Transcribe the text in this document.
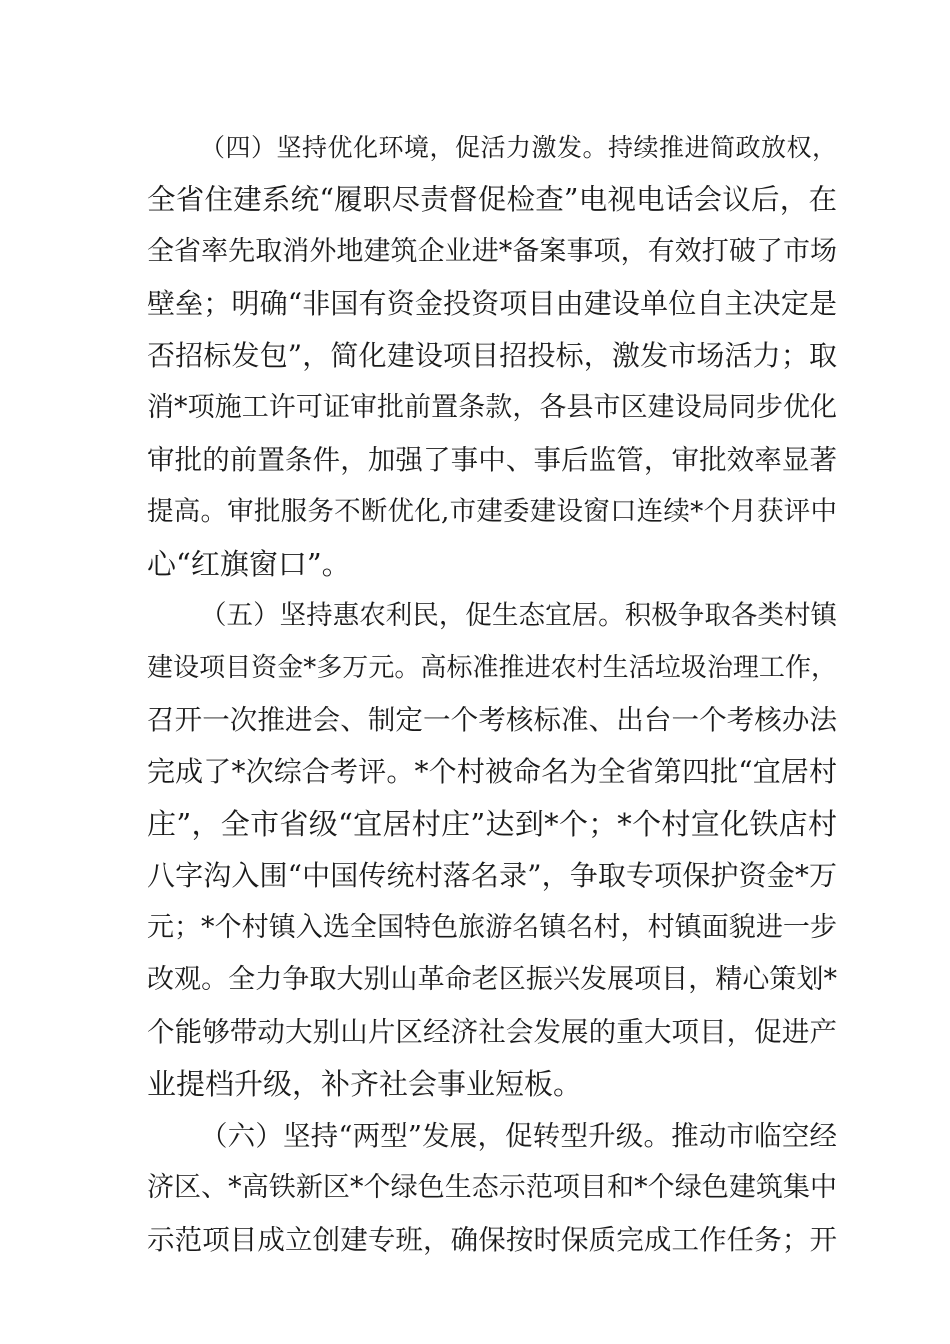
（四）坚持优化环境，促活力激发。持续推进简政放权，
全省住建系统“履职尽责督促检查”电视电话会议后，在
全省率先取消外地建筑企业进*备案事项，有效打破了市场
壁垒；明确“非国有资金投资项目由建设单位自主决定是
否招标发包”，简化建设项目招投标，激发市场活力；取
消*项施工许可证审批前置条款，各县市区建设局同步优化
审批的前置条件，加强了事中、事后监管，审批效率显著
提高。审批服务不断优化,市建委建设窗口连续*个月获评中
心“红旗窗口”。
（五）坚持惠农利民，促生态宜居。积极争取各类村镇
建设项目资金*多万元。高标准推进农村生活垃圾治理工作，
召开一次推进会、制定一个考核标准、出台一个考核办法
完成了*次综合考评。*个村被命名为全省第四批“宜居村
庄”，全市省级“宜居村庄”达到*个；*个村宣化铁店村
八字沟入围“中国传统村落名录”，争取专项保护资金*万
元；*个村镇入选全国特色旅游名镇名村，村镇面貌进一步
改观。全力争取大别山革命老区振兴发展项目，精心策划*
个能够带动大别山片区经济社会发展的重大项目，促进产
业提档升级，补齐社会事业短板。
（六）坚持“两型”发展，促转型升级。推动市临空经
济区、*高铁新区*个绿色生态示范项目和*个绿色建筑集中
示范项目成立创建专班，确保按时保质完成工作任务；开
